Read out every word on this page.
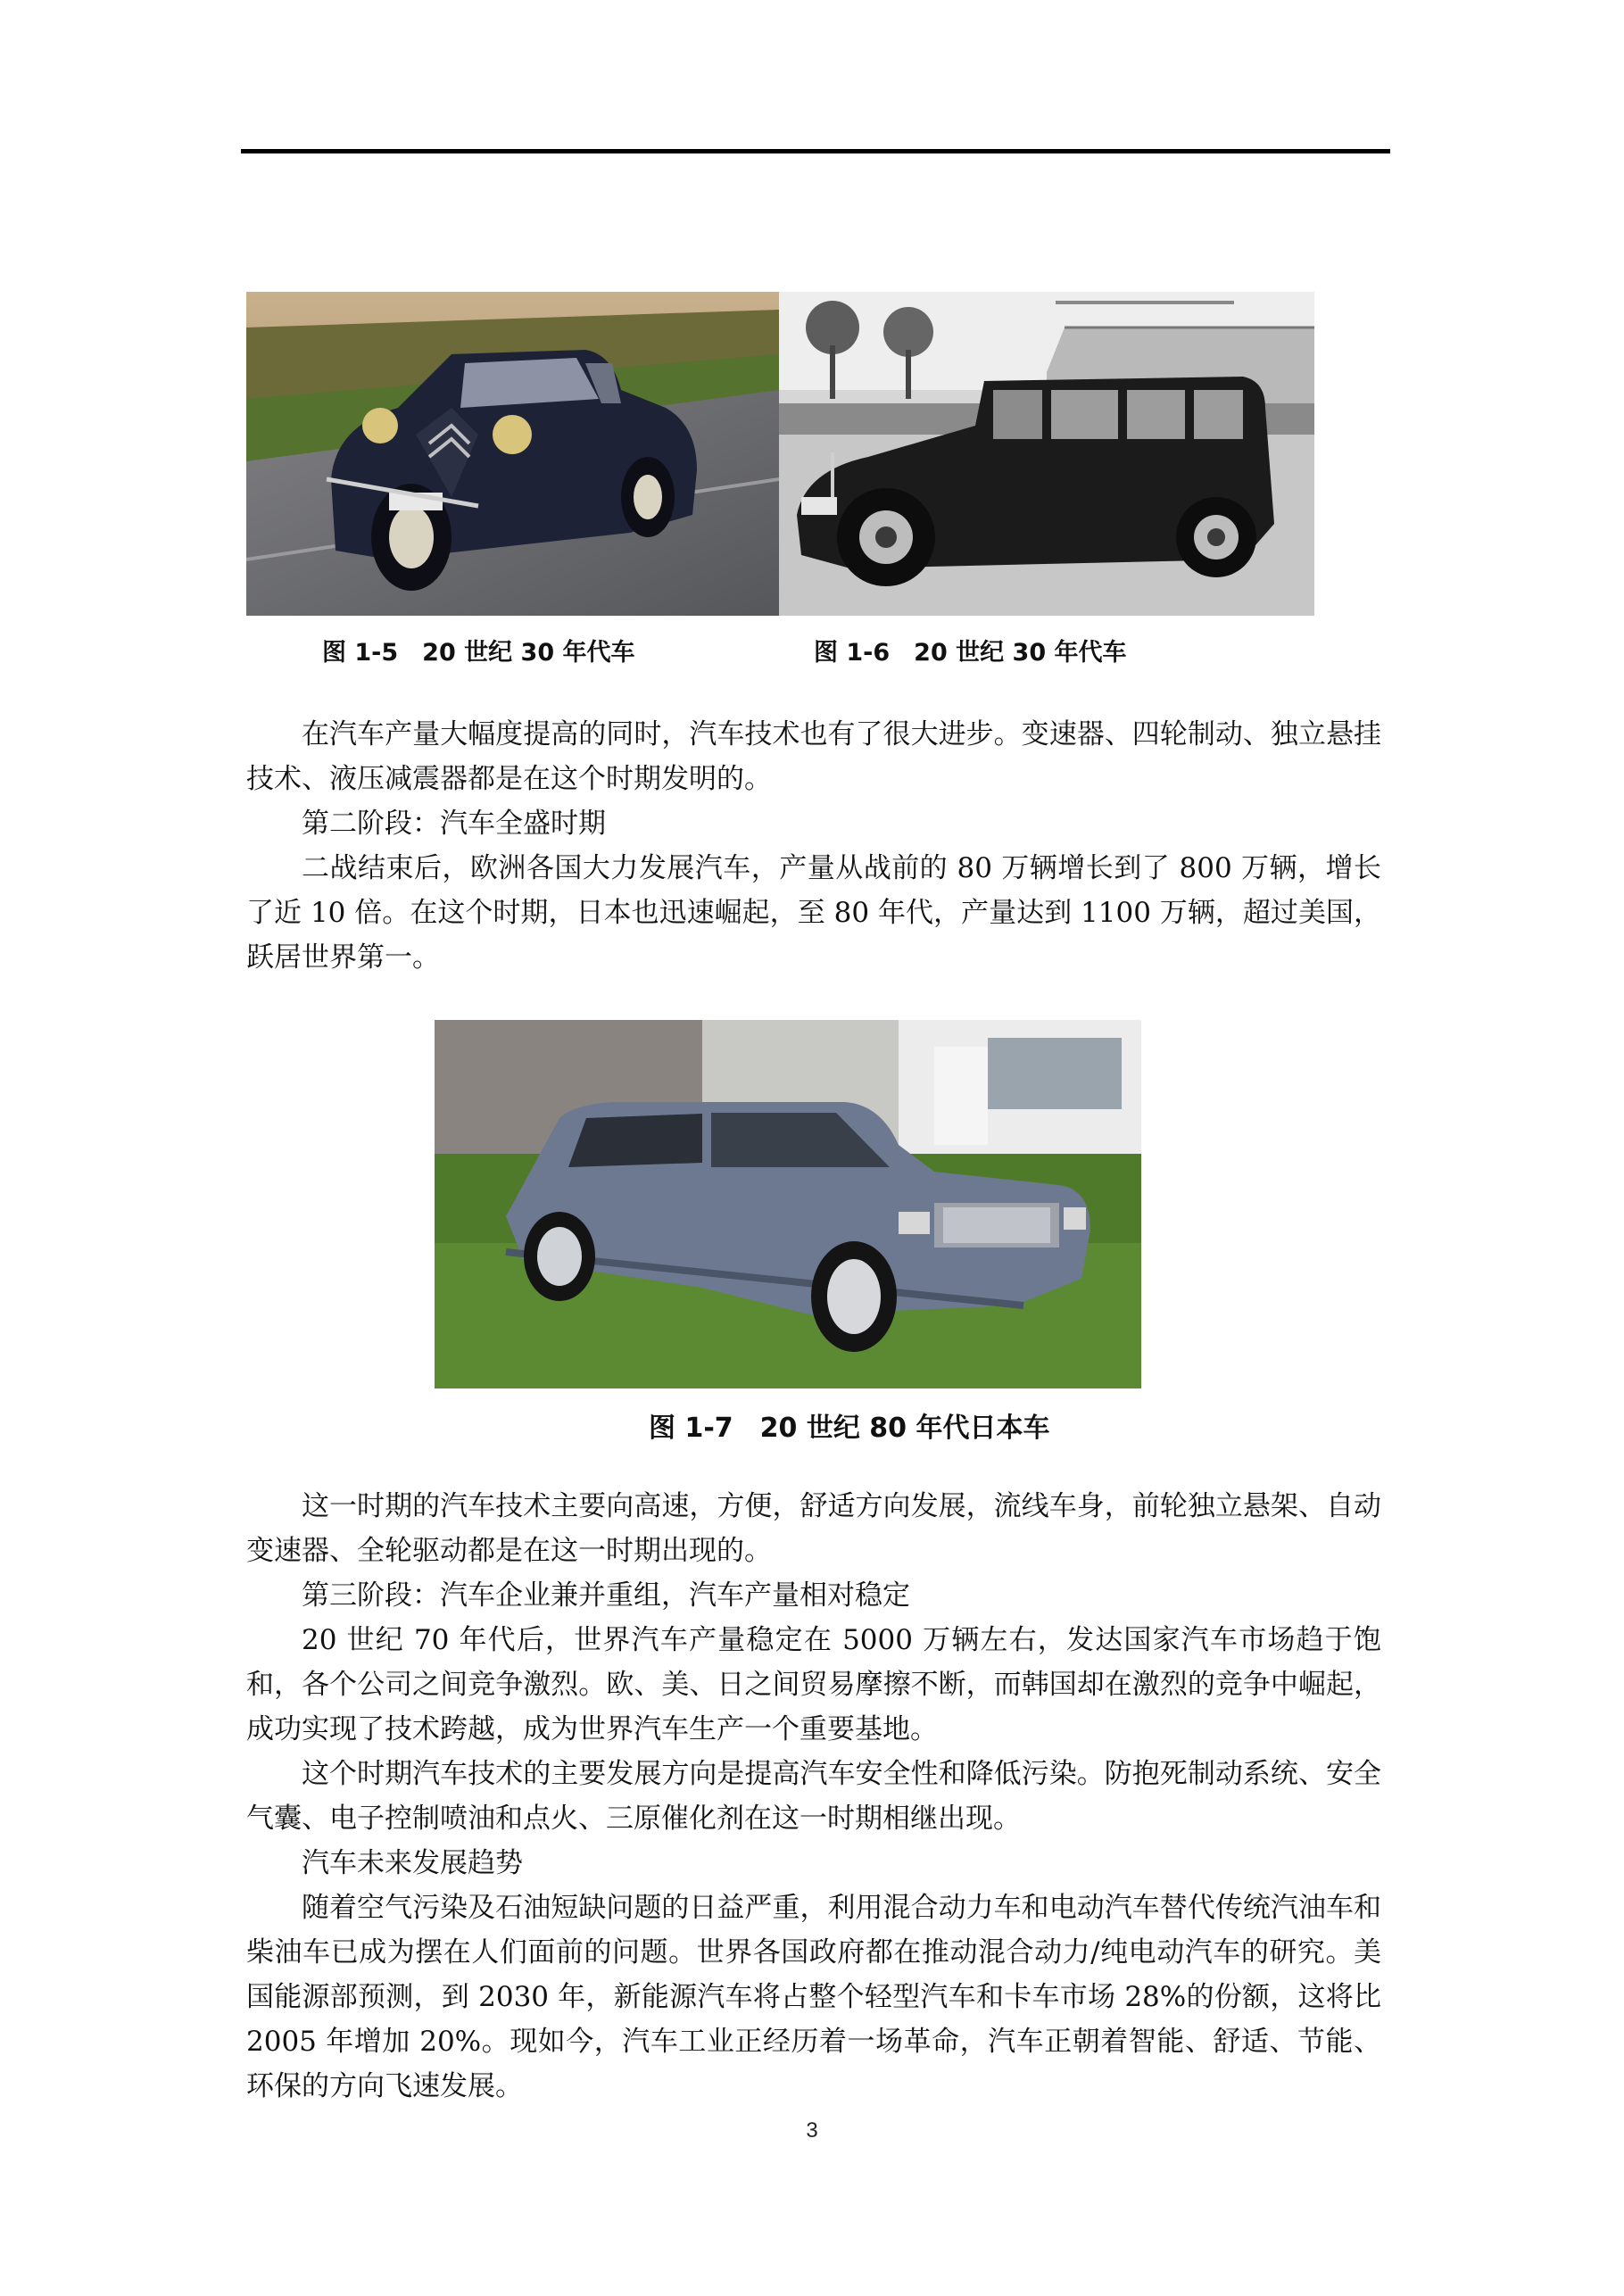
图 1-5　20 世纪 30 年代车	图 1-6　20 世纪 30 年代车

在汽车产量大幅度提高的同时，汽车技术也有了很大进步。变速器、四轮制动、独立悬挂技术、液压减震器都是在这个时期发明的。

第二阶段：汽车全盛时期

二战结束后，欧洲各国大力发展汽车，产量从战前的 80 万辆增长到了 800 万辆，增长了近 10 倍。在这个时期，日本也迅速崛起，至 80 年代，产量达到 1100 万辆，超过美国，跃居世界第一。

图 1-7　20 世纪 80 年代日本车

这一时期的汽车技术主要向高速，方便，舒适方向发展，流线车身，前轮独立悬架、自动变速器、全轮驱动都是在这一时期出现的。

第三阶段：汽车企业兼并重组，汽车产量相对稳定

20 世纪 70 年代后，世界汽车产量稳定在 5000 万辆左右，发达国家汽车市场趋于饱和，各个公司之间竞争激烈。欧、美、日之间贸易摩擦不断，而韩国却在激烈的竞争中崛起，成功实现了技术跨越，成为世界汽车生产一个重要基地。

这个时期汽车技术的主要发展方向是提高汽车安全性和降低污染。防抱死制动系统、安全气囊、电子控制喷油和点火、三原催化剂在这一时期相继出现。

汽车未来发展趋势

随着空气污染及石油短缺问题的日益严重，利用混合动力车和电动汽车替代传统汽油车和柴油车已成为摆在人们面前的问题。世界各国政府都在推动混合动力/纯电动汽车的研究。美国能源部预测，到 2030 年，新能源汽车将占整个轻型汽车和卡车市场 28%的份额，这将比 2005 年增加 20%。现如今，汽车工业正经历着一场革命，汽车正朝着智能、舒适、节能、环保的方向飞速发展。

3
